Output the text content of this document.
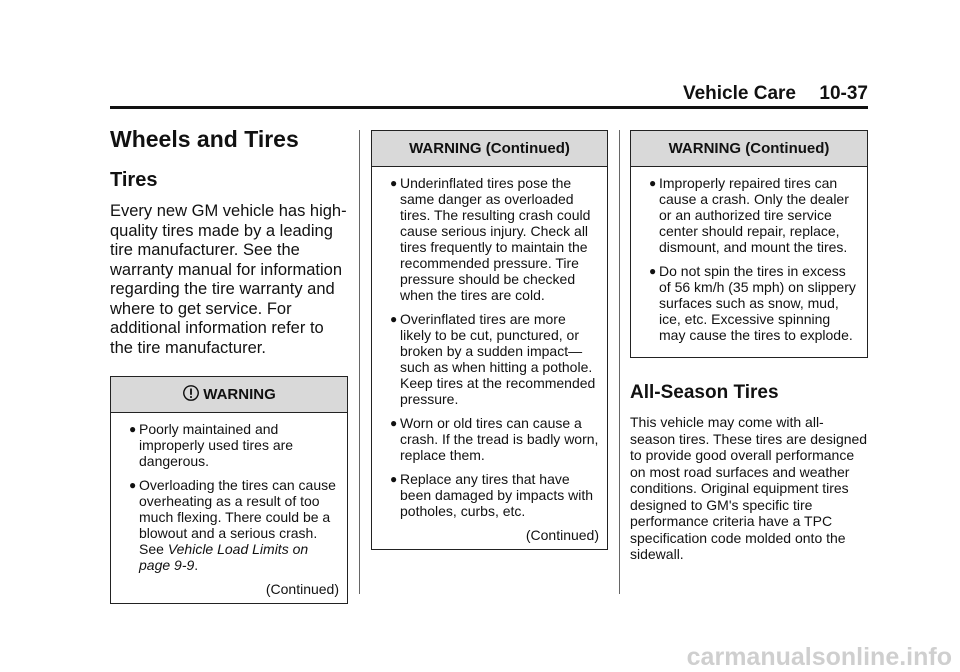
Vehicle Care 10-37
Wheels and Tires
Tires

Every new GM vehicle has high-quality tires made by a leading tire manufacturer. See the warranty manual for information regarding the tire warranty and where to get service. For additional information refer to the tire manufacturer.

WARNING
● Poorly maintained and improperly used tires are dangerous.
● Overloading the tires can cause overheating as a result of too much flexing. There could be a blowout and a serious crash. See Vehicle Load Limits on page 9-9.
(Continued)
WARNING (Continued)
● Underinflated tires pose the same danger as overloaded tires. The resulting crash could cause serious injury. Check all tires frequently to maintain the recommended pressure. Tire pressure should be checked when the tires are cold.
● Overinflated tires are more likely to be cut, punctured, or broken by a sudden impact— such as when hitting a pothole. Keep tires at the recommended pressure.
● Worn or old tires can cause a crash. If the tread is badly worn, replace them.
● Replace any tires that have been damaged by impacts with potholes, curbs, etc.
(Continued)
WARNING (Continued)
● Improperly repaired tires can cause a crash. Only the dealer or an authorized tire service center should repair, replace, dismount, and mount the tires.
● Do not spin the tires in excess of 56 km/h (35 mph) on slippery surfaces such as snow, mud, ice, etc. Excessive spinning may cause the tires to explode.
All-Season Tires

This vehicle may come with all-season tires. These tires are designed to provide good overall performance on most road surfaces and weather conditions. Original equipment tires designed to GM's specific tire performance criteria have a TPC specification code molded onto the sidewall.

carmanualsonline.info
